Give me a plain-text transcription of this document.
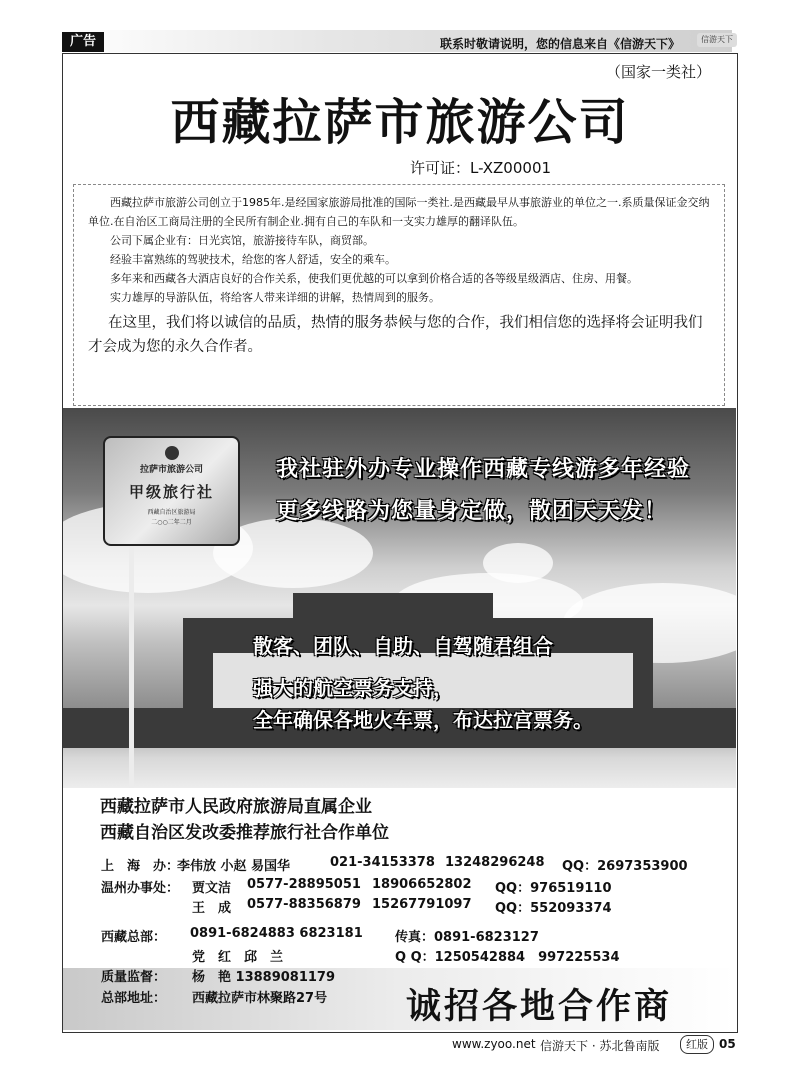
广告	联系时敬请说明，您的信息来自《信游天下》	信游天下
（国家一类社）
西藏拉萨市旅游公司
许可证：L-XZ00001

西藏拉萨市旅游公司创立于1985年.是经国家旅游局批准的国际一类社.是西藏最早从事旅游业的单位之一.系质量保证金交纳单位.在自治区工商局注册的全民所有制企业.拥有自己的车队和一支实力雄厚的翻译队伍。

公司下属企业有：日光宾馆，旅游接待车队，商贸部。

经验丰富熟练的驾驶技术，给您的客人舒适，安全的乘车。

多年来和西藏各大酒店良好的合作关系，使我们更优越的可以拿到价格合适的各等级星级酒店、住房、用餐。

实力雄厚的导游队伍，将给客人带来详细的讲解，热情周到的服务。

在这里，我们将以诚信的品质，热情的服务恭候与您的合作，我们相信您的选择将会证明我们才会成为您的永久合作者。

拉萨市旅游公司
甲级旅行社
西藏自治区旅游局
二○○二年二月
我社驻外办专业操作西藏专线游多年经验
更多线路为您量身定做，散团天天发！
散客、团队、自助、自驾随君组合
强大的航空票务支持，
全年确保各地火车票，布达拉宫票务。
西藏拉萨市人民政府旅游局直属企业
西藏自治区发改委推荐旅行社合作单位
上　海　办：
李伟放 小赵 易国华	021-34153378 13248296248 QQ：2697353900
温州办事处： 贾文洁 0577-28895051 18906652802 QQ：976519110
王　成 0577-88356879 15267791097 QQ：552093374
西藏总部： 0891-6824883 6823181 传真：0891-6823127
党　红　邱　兰	Q Q：1250542884　997225534
质量监督： 杨　艳 13889081179
总部地址： 西藏拉萨市林聚路27号 诚招各地合作商
www.zyoo.net 信游天下 · 苏北鲁南版	红版 05
